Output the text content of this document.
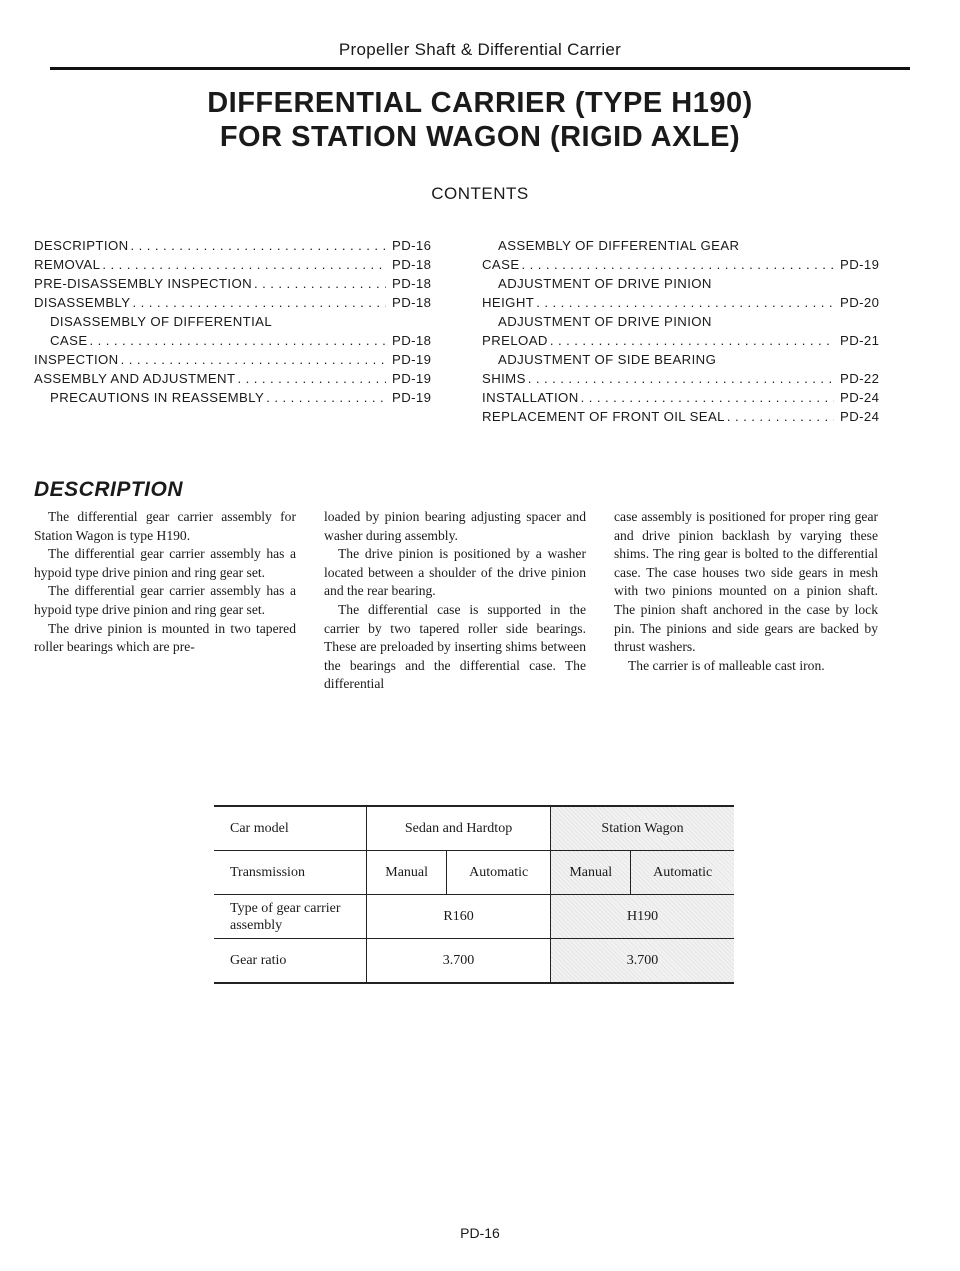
Propeller Shaft & Differential Carrier
DIFFERENTIAL CARRIER (TYPE H190)
FOR STATION WAGON (RIGID AXLE)
CONTENTS
DESCRIPTION . . .	PD-16
REMOVAL . . .	PD-18
PRE-DISASSEMBLY INSPECTION . . .	PD-18
DISASSEMBLY . . .	PD-18
DISASSEMBLY OF DIFFERENTIAL
CASE . . .	PD-18
INSPECTION . . .	PD-19
ASSEMBLY AND ADJUSTMENT . . .	PD-19
PRECAUTIONS IN REASSEMBLY . . .	PD-19
ASSEMBLY OF DIFFERENTIAL GEAR
CASE . . .	PD-19
ADJUSTMENT OF DRIVE PINION
HEIGHT . . .	PD-20
ADJUSTMENT OF DRIVE PINION
PRELOAD . . .	PD-21
ADJUSTMENT OF SIDE BEARING
SHIMS . . .	PD-22
INSTALLATION . . .	PD-24
REPLACEMENT OF FRONT OIL SEAL . . .	PD-24
DESCRIPTION

The differential gear carrier assembly for Station Wagon is type H190.

The differential gear carrier assembly has a hypoid type drive pinion and ring gear set.

The differential gear carrier assembly has a hypoid type drive pinion and ring gear set.

The drive pinion is mounted in two tapered roller bearings which are pre-

loaded by pinion bearing adjusting spacer and washer during assembly.

The drive pinion is positioned by a washer located between a shoulder of the drive pinion and the rear bearing.

The differential case is supported in the carrier by two tapered roller side bearings. These are preloaded by inserting shims between the bearings and the differential case. The differential

case assembly is positioned for proper ring gear and drive pinion backlash by varying these shims. The ring gear is bolted to the differential case. The case houses two side gears in mesh with two pinions mounted on a pinion shaft. The pinion shaft anchored in the case by lock pin. The pinions and side gears are backed by thrust washers.

The carrier is of malleable cast iron.

Car model	Sedan and Hardtop		Station Wagon	
Transmission	Manual	Automatic	Manual	Automatic
Type of gear carrier assembly	R160		H190	
Gear ratio	3.700		3.700	
PD-16
